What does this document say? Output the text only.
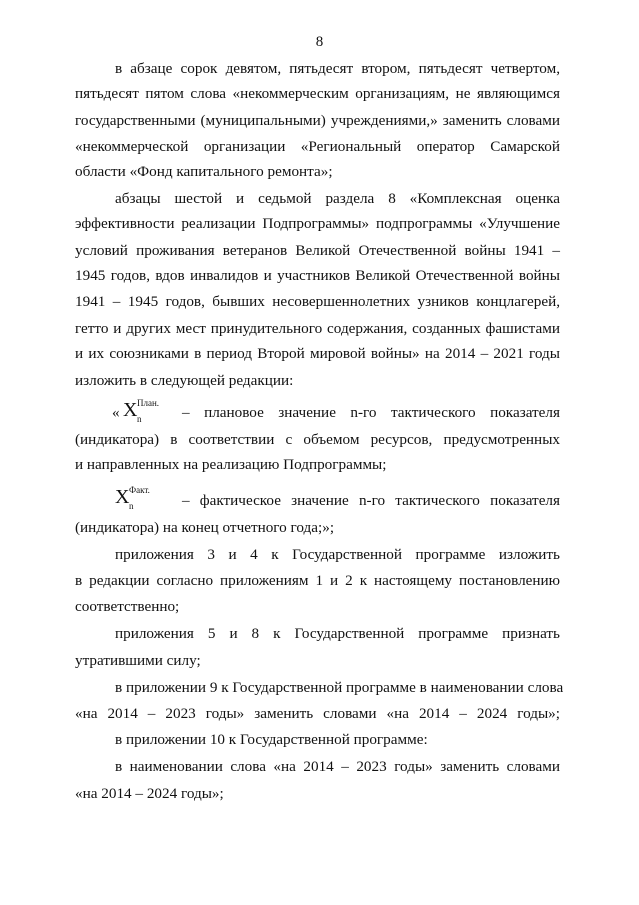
8
в абзаце сорок девятом, пятьдесят втором, пятьдесят четвертом,
пятьдесят пятом слова «некоммерческим организациям, не являющимся
государственными (муниципальными) учреждениями,» заменить словами
«некоммерческой организации «Региональный оператор Самарской
области «Фонд капитального ремонта»;
абзацы шестой и седьмой раздела 8 «Комплексная оценка
эффективности реализации Подпрограммы» подпрограммы «Улучшение
условий проживания ветеранов Великой Отечественной войны 1941 –
1945 годов, вдов инвалидов и участников Великой Отечественной войны
1941 – 1945 годов, бывших несовершеннолетних узников концлагерей,
гетто и других мест принудительного содержания, созданных фашистами
и их союзниками в период Второй мировой войны» на 2014 – 2021 годы
изложить в следующей редакции:
« X План.
n	– плановое значение n-го тактического показателя
(индикатора) в соответствии с объемом ресурсов, предусмотренных
и направленных на реализацию Подпрограммы;
X Факт.
n	– фактическое значение n-го тактического показателя
(индикатора) на конец отчетного года;»;
приложения 3 и 4 к Государственной программе изложить
в редакции согласно приложениям 1 и 2 к настоящему постановлению
соответственно;
приложения 5 и 8 к Государственной программе признать
утратившими силу;
в приложении 9 к Государственной программе в наименовании слова
«на 2014 – 2023 годы» заменить словами «на 2014 – 2024 годы»;
в приложении 10 к Государственной программе:
в наименовании слова «на 2014 – 2023 годы» заменить словами
«на 2014 – 2024 годы»;
